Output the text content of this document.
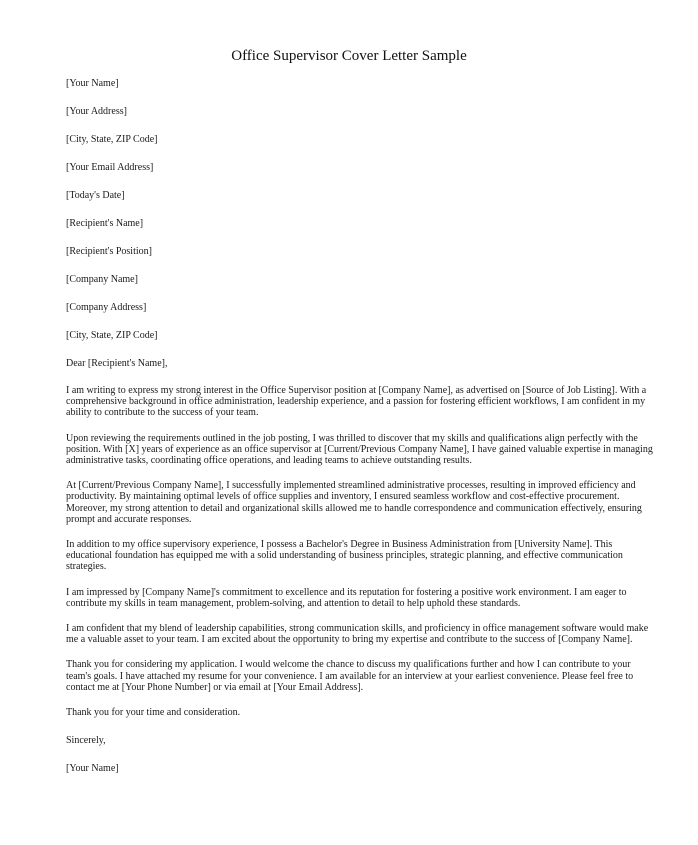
Office Supervisor Cover Letter Sample
[Your Name]
[Your Address]
[City, State, ZIP Code]
[Your Email Address]
[Today's Date]
[Recipient's Name]
[Recipient's Position]
[Company Name]
[Company Address]
[City, State, ZIP Code]
Dear [Recipient's Name],

I am writing to express my strong interest in the Office Supervisor position at [Company Name], as advertised on [Source of Job Listing]. With a comprehensive background in office administration, leadership experience, and a passion for fostering efficient workflows, I am confident in my ability to contribute to the success of your team.

Upon reviewing the requirements outlined in the job posting, I was thrilled to discover that my skills and qualifications align perfectly with the position. With [X] years of experience as an office supervisor at [Current/Previous Company Name], I have gained valuable expertise in managing administrative tasks, coordinating office operations, and leading teams to achieve outstanding results.

At [Current/Previous Company Name], I successfully implemented streamlined administrative processes, resulting in improved efficiency and productivity. By maintaining optimal levels of office supplies and inventory, I ensured seamless workflow and cost-effective procurement. Moreover, my strong attention to detail and organizational skills allowed me to handle correspondence and communication effectively, ensuring prompt and accurate responses.

In addition to my office supervisory experience, I possess a Bachelor's Degree in Business Administration from [University Name]. This educational foundation has equipped me with a solid understanding of business principles, strategic planning, and effective communication strategies.

I am impressed by [Company Name]'s commitment to excellence and its reputation for fostering a positive work environment. I am eager to contribute my skills in team management, problem-solving, and attention to detail to help uphold these standards.

I am confident that my blend of leadership capabilities, strong communication skills, and proficiency in office management software would make me a valuable asset to your team. I am excited about the opportunity to bring my expertise and contribute to the success of [Company Name].

Thank you for considering my application. I would welcome the chance to discuss my qualifications further and how I can contribute to your team's goals. I have attached my resume for your convenience. I am available for an interview at your earliest convenience. Please feel free to contact me at [Your Phone Number] or via email at [Your Email Address].

Thank you for your time and consideration.
Sincerely,
[Your Name]
